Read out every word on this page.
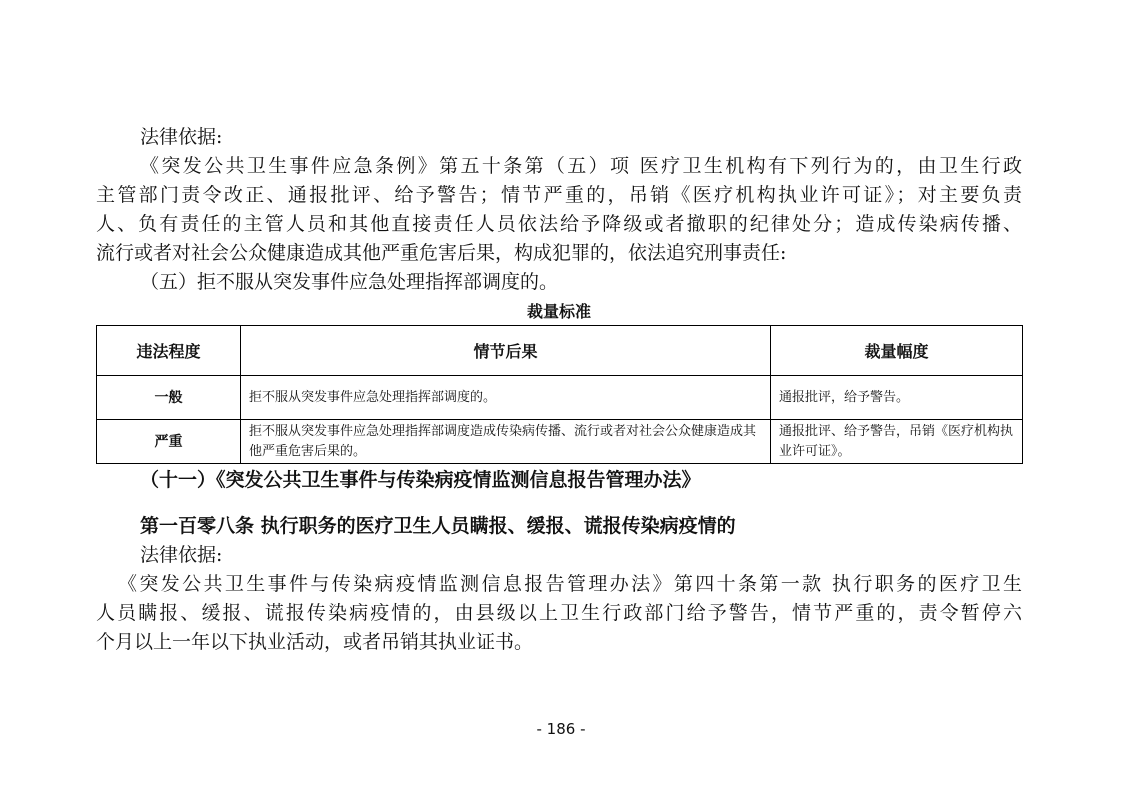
法律依据:
《突发公共卫生事件应急条例》第五十条第（五）项 医疗卫生机构有下列行为的，由卫生行政
主管部门责令改正、通报批评、给予警告；情节严重的，吊销《医疗机构执业许可证》；对主要负责
人、负有责任的主管人员和其他直接责任人员依法给予降级或者撤职的纪律处分；造成传染病传播、
流行或者对社会公众健康造成其他严重危害后果，构成犯罪的，依法追究刑事责任:
（五）拒不服从突发事件应急处理指挥部调度的。
裁量标准
违法程度	情节后果	裁量幅度
一般	拒不服从突发事件应急处理指挥部调度的。	通报批评，给予警告。
严重	拒不服从突发事件应急处理指挥部调度造成传染病传播、流行或者对社会公众健康造成其他严重危害后果的。	通报批评、给予警告，吊销《医疗机构执业许可证》。
（十一）《突发公共卫生事件与传染病疫情监测信息报告管理办法》
第一百零八条 执行职务的医疗卫生人员瞒报、缓报、谎报传染病疫情的
法律依据:
《突发公共卫生事件与传染病疫情监测信息报告管理办法》第四十条第一款 执行职务的医疗卫生
人员瞒报、缓报、谎报传染病疫情的，由县级以上卫生行政部门给予警告，情节严重的，责令暂停六
个月以上一年以下执业活动，或者吊销其执业证书。
- 186 -
